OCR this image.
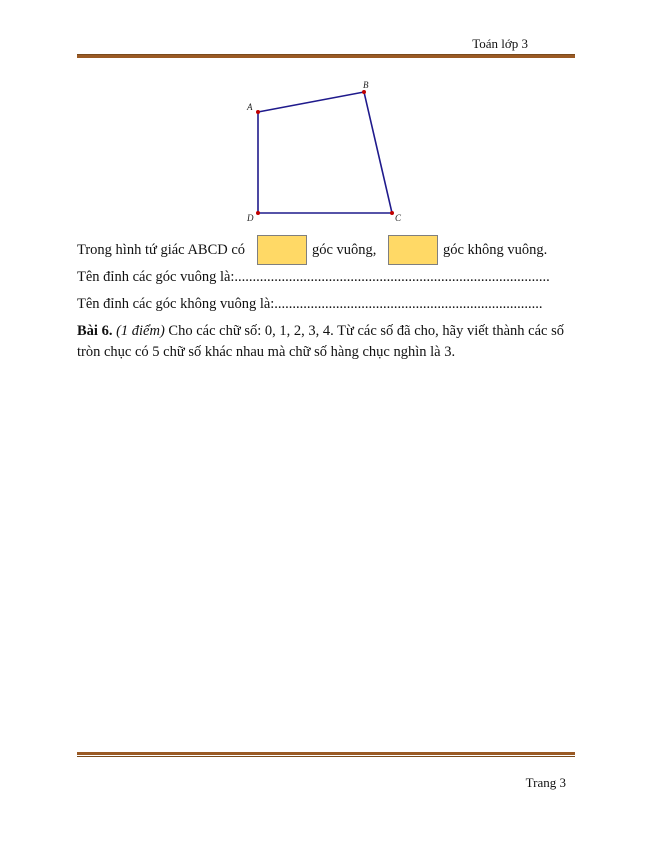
Toán lớp 3
A
B
C
D
Trong hình tứ giác ABCD có	góc vuông,	góc không vuông.
Tên đỉnh các góc vuông là:.......................................................................................
Tên đỉnh các góc không vuông là:..........................................................................
Bài 6. (1 điểm) Cho các chữ số: 0, 1, 2, 3, 4. Từ các số đã cho, hãy viết thành các số tròn chục có 5 chữ số khác nhau mà chữ số hàng chục nghìn là 3.
Trang 3
